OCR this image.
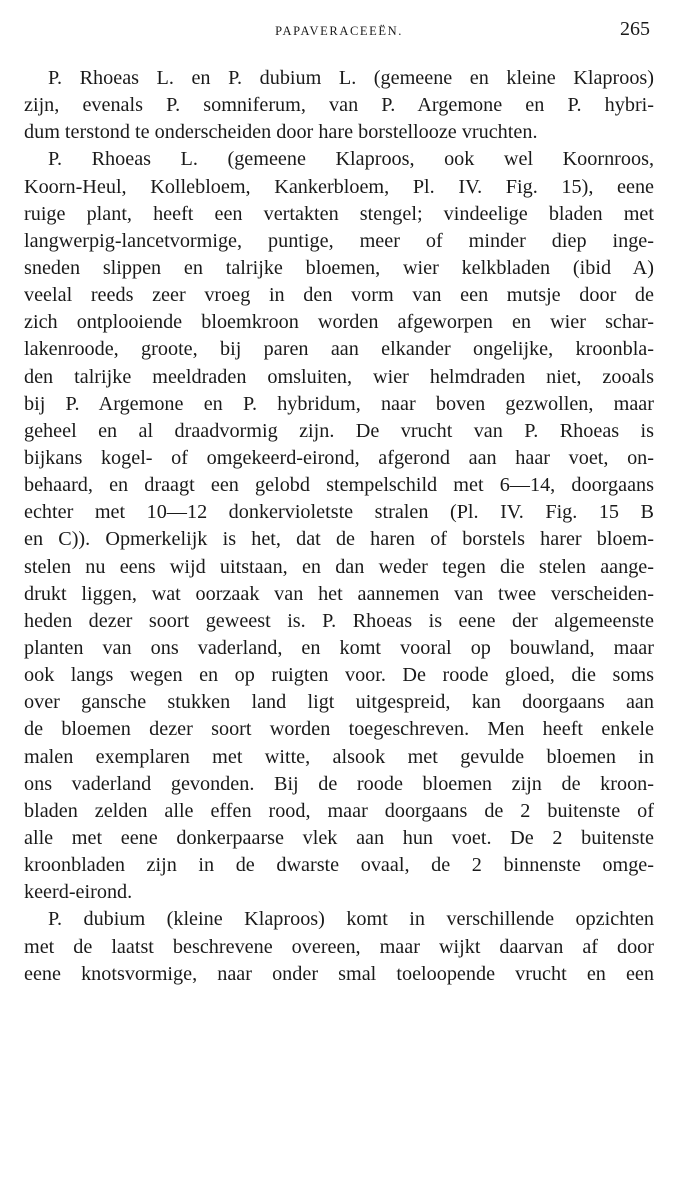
PAPAVERACEEËN.	265
P. Rhoeas L. en P. dubium L. (gemeene en kleine Klaproos)
zijn, evenals P. somniferum, van P. Argemone en P. hybri-
dum terstond te onderscheiden door hare borstellooze vruchten.
P. Rhoeas L. (gemeene Klaproos, ook wel Koornroos,
Koorn-Heul, Kollebloem, Kankerbloem, Pl. IV. Fig. 15), eene
ruige plant, heeft een vertakten stengel; vindeelige bladen met
langwerpig-lancetvormige, puntige, meer of minder diep inge-
sneden slippen en talrijke bloemen, wier kelkbladen (ibid A)
veelal reeds zeer vroeg in den vorm van een mutsje door de
zich ontplooiende bloemkroon worden afgeworpen en wier schar-
lakenroode, groote, bij paren aan elkander ongelijke, kroonbla-
den talrijke meeldraden omsluiten, wier helmdraden niet, zooals
bij P. Argemone en P. hybridum, naar boven gezwollen, maar
geheel en al draadvormig zijn. De vrucht van P. Rhoeas is
bijkans kogel- of omgekeerd-eirond, afgerond aan haar voet, on-
behaard, en draagt een gelobd stempelschild met 6—14, doorgaans
echter met 10—12 donkervioletste stralen (Pl. IV. Fig. 15 B
en C)). Opmerkelijk is het, dat de haren of borstels harer bloem-
stelen nu eens wijd uitstaan, en dan weder tegen die stelen aange-
drukt liggen, wat oorzaak van het aannemen van twee verscheiden-
heden dezer soort geweest is. P. Rhoeas is eene der algemeenste
planten van ons vaderland, en komt vooral op bouwland, maar
ook langs wegen en op ruigten voor. De roode gloed, die soms
over gansche stukken land ligt uitgespreid, kan doorgaans aan
de bloemen dezer soort worden toegeschreven. Men heeft enkele
malen exemplaren met witte, alsook met gevulde bloemen in
ons vaderland gevonden. Bij de roode bloemen zijn de kroon-
bladen zelden alle effen rood, maar doorgaans de 2 buitenste of
alle met eene donkerpaarse vlek aan hun voet. De 2 buitenste
kroonbladen zijn in de dwarste ovaal, de 2 binnenste omge-
keerd-eirond.
P. dubium (kleine Klaproos) komt in verschillende opzichten
met de laatst beschrevene overeen, maar wijkt daarvan af door
eene knotsvormige, naar onder smal toeloopende vrucht en een
